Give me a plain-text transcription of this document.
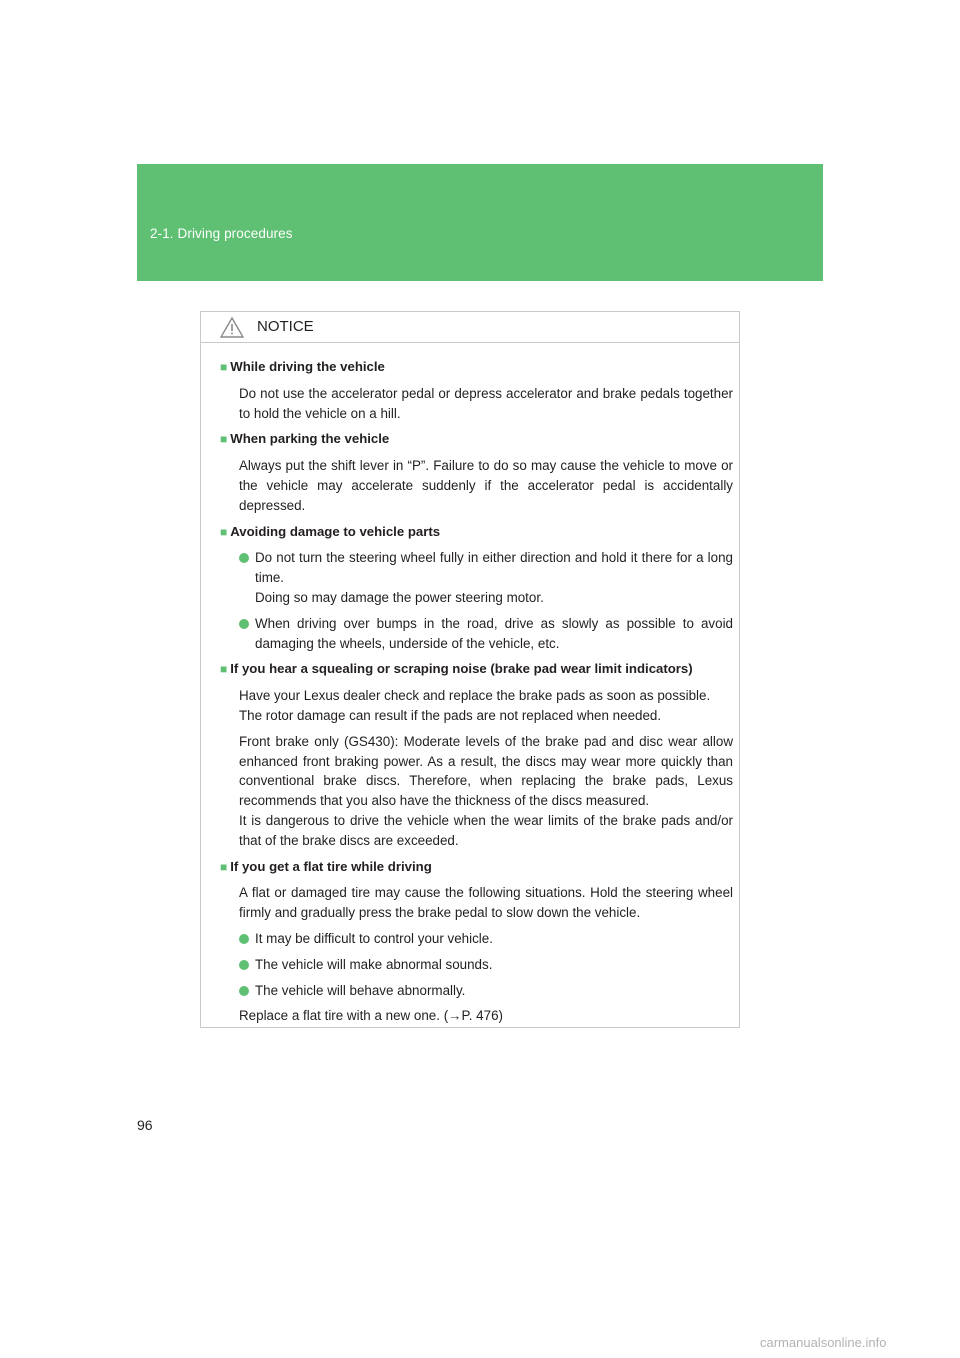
2-1. Driving procedures
NOTICE
■ While driving the vehicle
Do not use the accelerator pedal or depress accelerator and brake pedals together to hold the vehicle on a hill.
■ When parking the vehicle
Always put the shift lever in “P”. Failure to do so may cause the vehicle to move or the vehicle may accelerate suddenly if the accelerator pedal is accidentally depressed.
■ Avoiding damage to vehicle parts
Do not turn the steering wheel fully in either direction and hold it there for a long time.
Doing so may damage the power steering motor.
When driving over bumps in the road, drive as slowly as possible to avoid damaging the wheels, underside of the vehicle, etc.
■ If you hear a squealing or scraping noise (brake pad wear limit indicators)
Have your Lexus dealer check and replace the brake pads as soon as possible.
The rotor damage can result if the pads are not replaced when needed.
Front brake only (GS430): Moderate levels of the brake pad and disc wear allow enhanced front braking power. As a result, the discs may wear more quickly than conventional brake discs. Therefore, when replacing the brake pads, Lexus recommends that you also have the thickness of the discs measured.
It is dangerous to drive the vehicle when the wear limits of the brake pads and/or that of the brake discs are exceeded.
■ If you get a flat tire while driving
A flat or damaged tire may cause the following situations. Hold the steering wheel firmly and gradually press the brake pedal to slow down the vehicle.
It may be difficult to control your vehicle.
The vehicle will make abnormal sounds.
The vehicle will behave abnormally.
Replace a flat tire with a new one. (→P. 476)
96
carmanualsonline.info
